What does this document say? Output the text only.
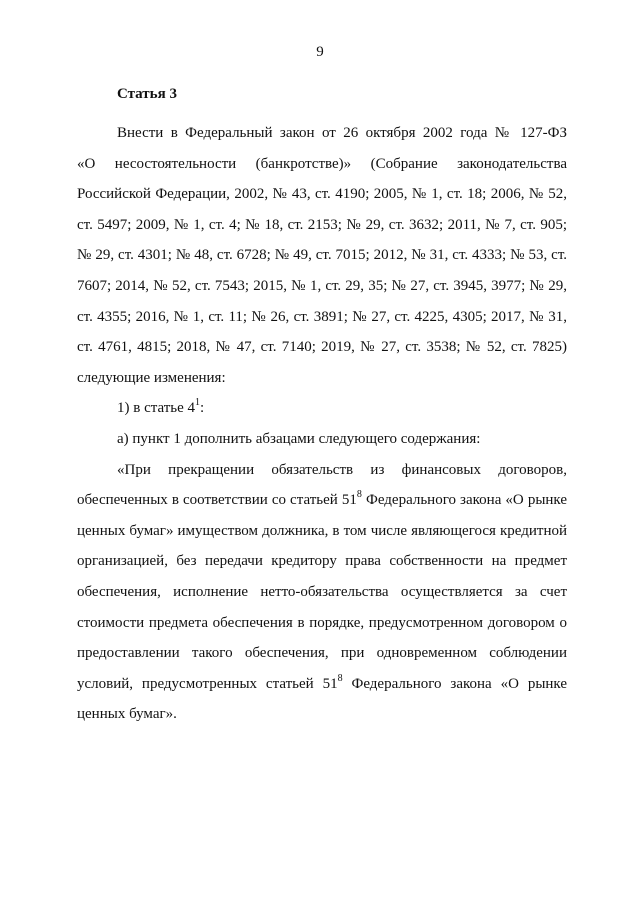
9
Статья 3

Внести в Федеральный закон от 26 октября 2002 года № 127-ФЗ

«О несостоятельности (банкротстве)» (Собрание законодательства

Российской Федерации, 2002, № 43, ст. 4190; 2005, № 1, ст. 18; 2006, № 52, ст. 5497; 2009, № 1, ст. 4; № 18, ст. 2153; № 29, ст. 3632; 2011, № 7, ст. 905; № 29, ст. 4301; № 48, ст. 6728; № 49, ст. 7015; 2012, № 31, ст. 4333; № 53, ст. 7607; 2014, № 52, ст. 7543; 2015, № 1, ст. 29, 35; № 27, ст. 3945, 3977; № 29, ст. 4355; 2016, № 1, ст. 11; № 26, ст. 3891; № 27, ст. 4225, 4305; 2017, № 31, ст. 4761, 4815; 2018, № 47, ст. 7140; 2019, № 27, ст. 3538; № 52, ст. 7825) следующие изменения:

1) в статье $4^1$:

а) пункт 1 дополнить абзацами следующего содержания:

«При прекращении обязательств из финансовых договоров, обеспеченных в соответствии со статьей $51^8$ Федерального закона «О рынке ценных бумаг» имуществом должника, в том числе являющегося кредитной организацией, без передачи кредитору права собственности на предмет обеспечения, исполнение нетто-обязательства осуществляется за счет стоимости предмета обеспечения в порядке, предусмотренном договором о предоставлении такого обеспечения, при одновременном соблюдении условий, предусмотренных статьей $51^8$ Федерального закона «О рынке ценных бумаг».
